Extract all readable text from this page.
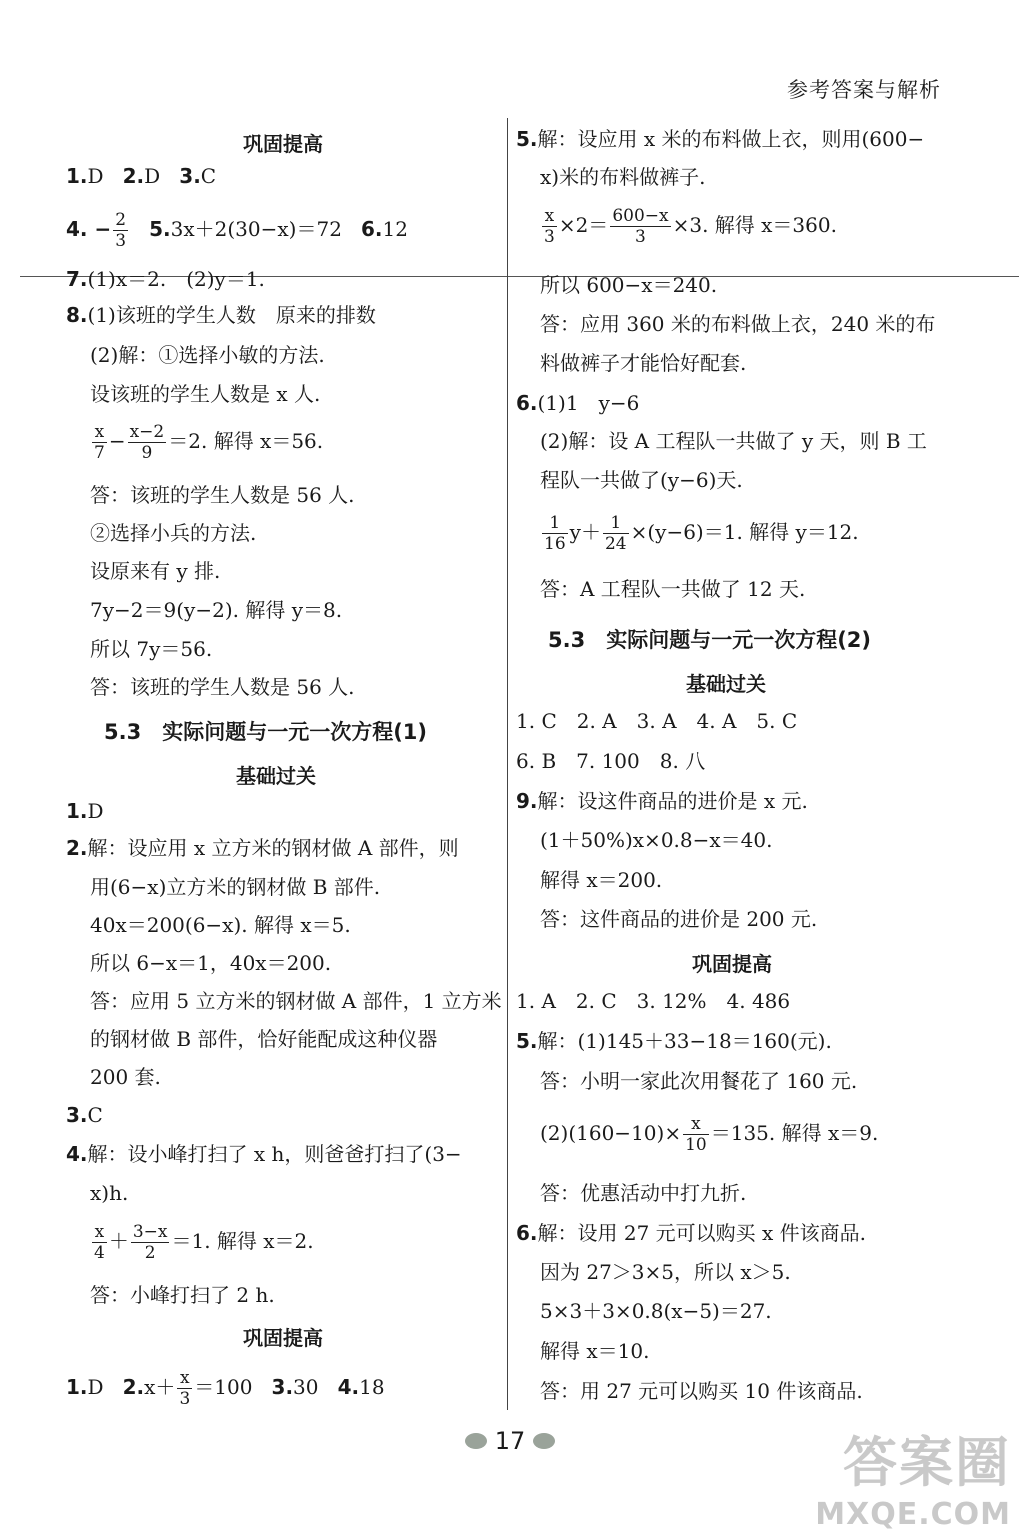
参考答案与解析
巩固提高
1.D 2.D 3.C
4. − $\frac{2}{3} 5.3x+2(30-x)=72$ 6.12
7.(1)x＝2.　(2)y＝1.
8.(1)该班的学生人数　原来的排数
(2)解：①选择小敏的方法.
设该班的学生人数是 x 人.
$\frac{x}{7} - \frac{x-2}{9} =2$. 解得 x＝56.
答：该班的学生人数是 56 人.
②选择小兵的方法.
设原来有 y 排.
7y−2＝9(y−2). 解得 y＝8.
所以 7y＝56.
答：该班的学生人数是 56 人.
5.3　实际问题与一元一次方程(1)
基础过关
1.D
2.解：设应用 x 立方米的钢材做 A 部件，则
用(6−x)立方米的钢材做 B 部件.
40x＝200(6−x). 解得 x＝5.
所以 6−x＝1，40x＝200.
答：应用 5 立方米的钢材做 A 部件，1 立方米
的钢材做 B 部件，恰好能配成这种仪器
200 套.
3.C
4.解：设小峰打扫了 x h，则爸爸打扫了(3−
x)h.
$\frac{x}{4} + \frac{3-x}{2} =1$. 解得 x＝2.
答：小峰打扫了 2 h.
巩固提高
1.D $2.x+ \frac{x}{3} =100$ 3.30 4.18
5.解：设应用 x 米的布料做上衣，则用(600−
x)米的布料做裤子.
$\frac{x}{3} \times 2= \frac{600-x}{3} \times 3$. 解得 x＝360.
所以 600−x＝240.
答：应用 360 米的布料做上衣，240 米的布
料做裤子才能恰好配套.
6.(1)1　y−6
(2)解：设 A 工程队一共做了 y 天，则 B 工
程队一共做了(y−6)天.
$\frac{1}{16} y+ \frac{1}{24} \times(y-6)=1$. 解得 y＝12.
答：A 工程队一共做了 12 天.
5.3　实际问题与一元一次方程(2)
基础过关
1. C　2. A　3. A　4. A　5. C
6. B　7. 100　8. 八
9.解：设这件商品的进价是 x 元.
(1＋50%)x×0.8−x＝40.
解得 x＝200.
答：这件商品的进价是 200 元.
巩固提高
1. A　2. C　3. 12%　4. 486
5.解：(1)145＋33−18＝160(元).
答：小明一家此次用餐花了 160 元.
$(2)(160-10)\times \frac{x}{10} =135$. 解得 x＝9.
答：优惠活动中打九折.
6.解：设用 27 元可以购买 x 件该商品.
因为 27＞3×5，所以 x＞5.
5×3＋3×0.8(x−5)＝27.
解得 x＝10.
答：用 27 元可以购买 10 件该商品.
17	答案圈
MXQE.COM
